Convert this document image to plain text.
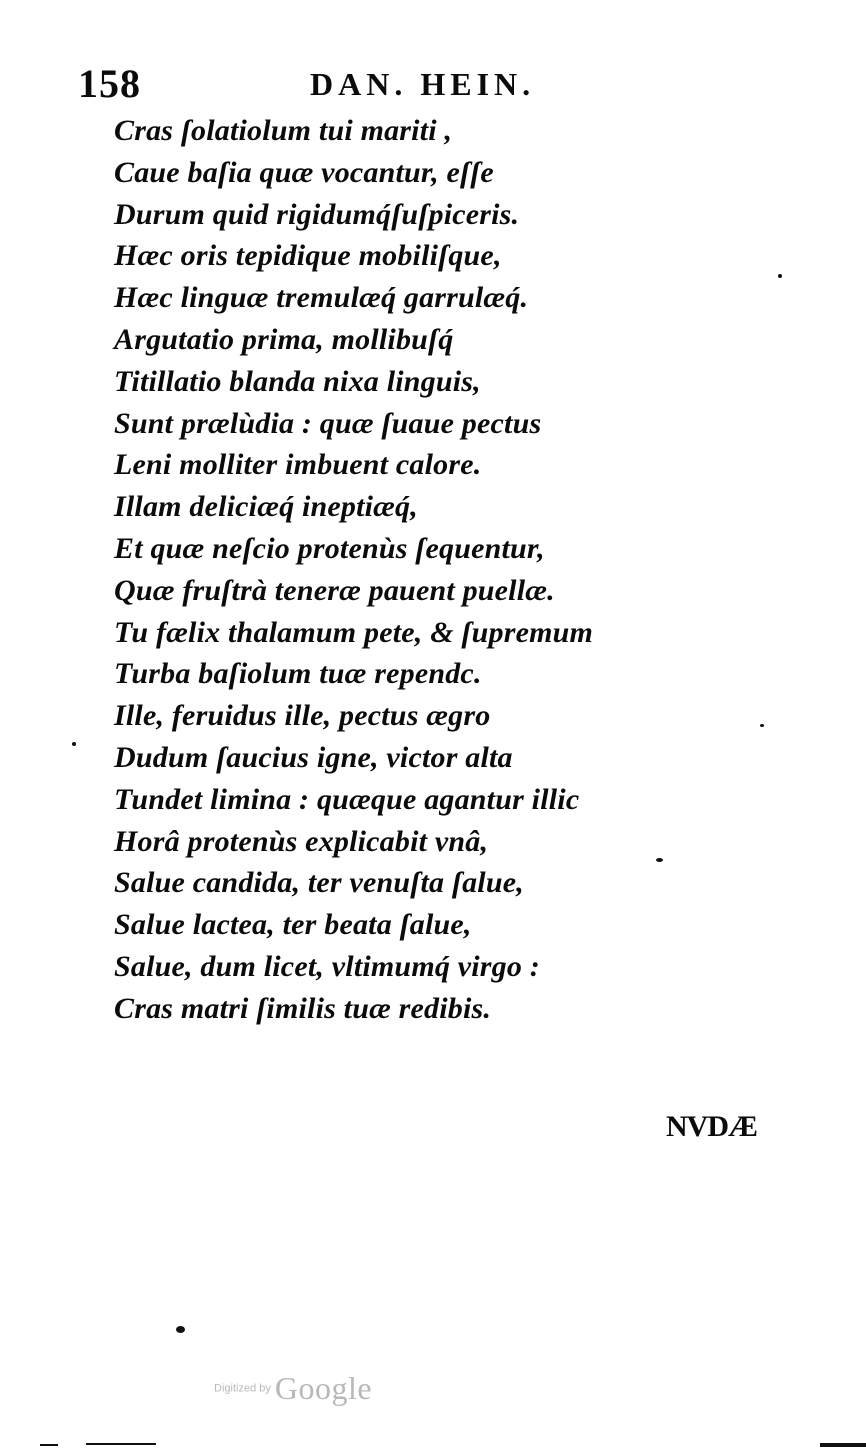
158	DAN. HEIN.
Cras ſolatiolum tui mariti ,
Caue baſia quæ vocantur, eſſe
Durum quid rigidumq́ſuſpiceris.
Hæc oris tepidique mobiliſque,
Hæc linguæ tremulæq́ garrulæq́.
Argutatio prima, mollibuſq́
Titillatio blanda nixa linguis,
Sunt prælùdia : quæ ſuaue pectus
Leni molliter imbuent calore.
Illam deliciæq́ ineptiæq́,
Et quæ neſcio protenùs ſequentur,
Quæ fruſtrà teneræ pauent puellæ.
Tu fælix thalamum pete, & ſupremum
Turba baſiolum tuæ rependc.
Ille, feruidus ille, pectus ægro
Dudum ſaucius igne, victor alta
Tundet limina : quæque agantur illic
Horâ protenùs explicabit vnâ,
Salue candida, ter venuſta ſalue,
Salue lactea, ter beata ſalue,
Salue, dum licet, vltimumq́ virgo :
Cras matri ſimilis tuæ redibis.
NVDÆ
Digitized by Google
